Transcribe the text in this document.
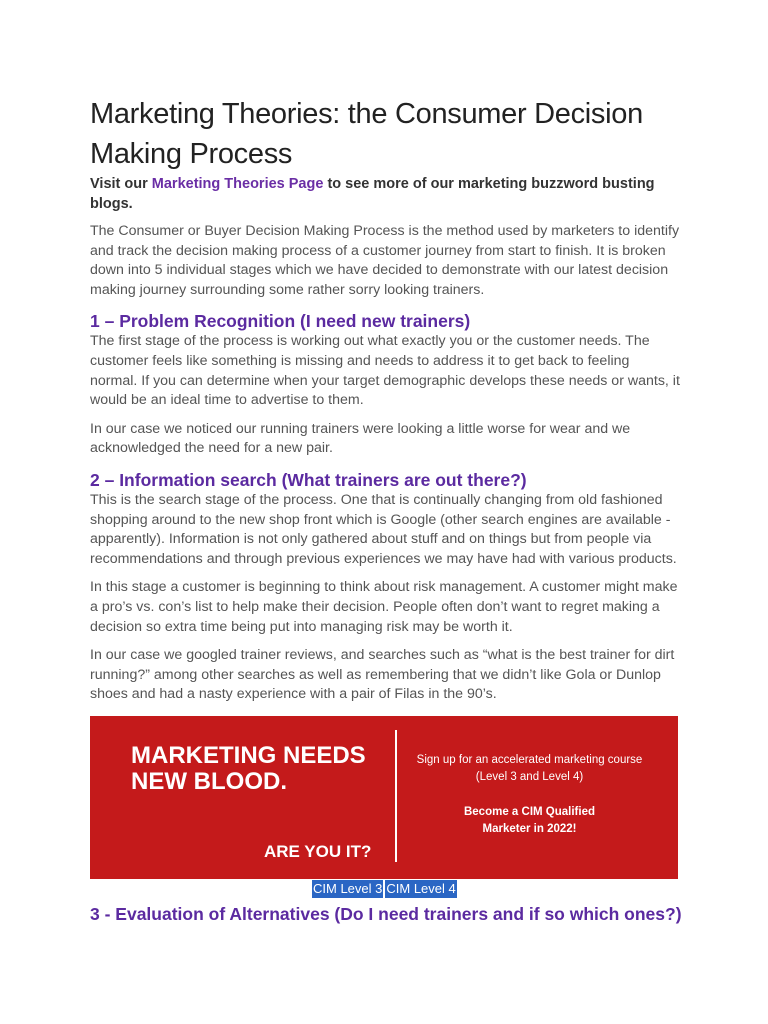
Marketing Theories: the Consumer Decision Making Process
Visit our Marketing Theories Page to see more of our marketing buzzword busting blogs.

The Consumer or Buyer Decision Making Process is the method used by marketers to identify and track the decision making process of a customer journey from start to finish. It is broken down into 5 individual stages which we have decided to demonstrate with our latest decision making journey surrounding some rather sorry looking trainers.

1 – Problem Recognition (I need new trainers)

The first stage of the process is working out what exactly you or the customer needs. The customer feels like something is missing and needs to address it to get back to feeling normal. If you can determine when your target demographic develops these needs or wants, it would be an ideal time to advertise to them.

In our case we noticed our running trainers were looking a little worse for wear and we acknowledged the need for a new pair.

2 – Information search (What trainers are out there?)

This is the search stage of the process. One that is continually changing from old fashioned shopping around to the new shop front which is Google (other search engines are available - apparently). Information is not only gathered about stuff and on things but from people via recommendations and through previous experiences we may have had with various products.

In this stage a customer is beginning to think about risk management. A customer might make a pro’s vs. con’s list to help make their decision. People often don’t want to regret making a decision so extra time being put into managing risk may be worth it.

In our case we googled trainer reviews, and searches such as “what is the best trainer for dirt running?” among other searches as well as remembering that we didn’t like Gola or Dunlop shoes and had a nasty experience with a pair of Filas in the 90’s.

MARKETING NEEDS
NEW BLOOD.
ARE YOU IT?
Sign up for an accelerated marketing course
(Level 3 and Level 4)
Become a CIM Qualified
Marketer in 2022!
CIM Level 3 CIM Level 4
3 - Evaluation of Alternatives (Do I need trainers and if so which ones?)
